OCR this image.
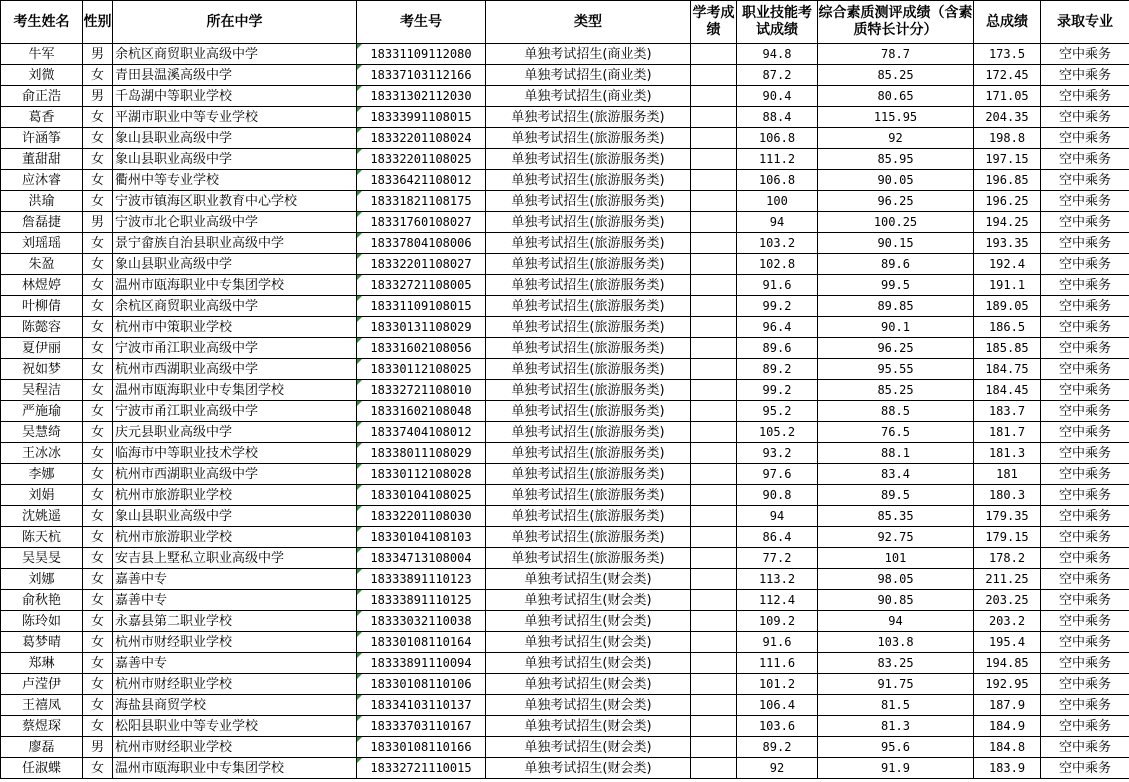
考生姓名	性别	所在中学	考生号	类型	学考成绩	职业技能考试成绩	综合素质测评成绩（含素质特长计分）	总成绩	录取专业
牛军	男	余杭区商贸职业高级中学	18331109112080	单独考试招生(商业类)		94.8	78.7	173.5	空中乘务
刘微	女	青田县温溪高级中学	18337103112166	单独考试招生(商业类)		87.2	85.25	172.45	空中乘务
俞正浩	男	千岛湖中等职业学校	18331302112030	单独考试招生(商业类)		90.4	80.65	171.05	空中乘务
葛香	女	平湖市职业中等专业学校	18333991108015	单独考试招生(旅游服务类)		88.4	115.95	204.35	空中乘务
许涵筝	女	象山县职业高级中学	18332201108024	单独考试招生(旅游服务类)		106.8	92	198.8	空中乘务
董甜甜	女	象山县职业高级中学	18332201108025	单独考试招生(旅游服务类)		111.2	85.95	197.15	空中乘务
应沐睿	女	衢州中等专业学校	18336421108012	单独考试招生(旅游服务类)		106.8	90.05	196.85	空中乘务
洪瑜	女	宁波市镇海区职业教育中心学校	18331821108175	单独考试招生(旅游服务类)		100	96.25	196.25	空中乘务
詹磊捷	男	宁波市北仑职业高级中学	18331760108027	单独考试招生(旅游服务类)		94	100.25	194.25	空中乘务
刘瑶瑶	女	景宁畲族自治县职业高级中学	18337804108006	单独考试招生(旅游服务类)		103.2	90.15	193.35	空中乘务
朱盈	女	象山县职业高级中学	18332201108027	单独考试招生(旅游服务类)		102.8	89.6	192.4	空中乘务
林煜婷	女	温州市瓯海职业中专集团学校	18332721108005	单独考试招生(旅游服务类)		91.6	99.5	191.1	空中乘务
叶柳倩	女	余杭区商贸职业高级中学	18331109108015	单独考试招生(旅游服务类)		99.2	89.85	189.05	空中乘务
陈懿容	女	杭州市中策职业学校	18330131108029	单独考试招生(旅游服务类)		96.4	90.1	186.5	空中乘务
夏伊丽	女	宁波市甬江职业高级中学	18331602108056	单独考试招生(旅游服务类)		89.6	96.25	185.85	空中乘务
祝如梦	女	杭州市西湖职业高级中学	18330112108025	单独考试招生(旅游服务类)		89.2	95.55	184.75	空中乘务
吴程洁	女	温州市瓯海职业中专集团学校	18332721108010	单独考试招生(旅游服务类)		99.2	85.25	184.45	空中乘务
严施瑜	女	宁波市甬江职业高级中学	18331602108048	单独考试招生(旅游服务类)		95.2	88.5	183.7	空中乘务
吴慧绮	女	庆元县职业高级中学	18337404108012	单独考试招生(旅游服务类)		105.2	76.5	181.7	空中乘务
王冰冰	女	临海市中等职业技术学校	18338011108029	单独考试招生(旅游服务类)		93.2	88.1	181.3	空中乘务
李娜	女	杭州市西湖职业高级中学	18330112108028	单独考试招生(旅游服务类)		97.6	83.4	181	空中乘务
刘娟	女	杭州市旅游职业学校	18330104108025	单独考试招生(旅游服务类)		90.8	89.5	180.3	空中乘务
沈姚遥	女	象山县职业高级中学	18332201108030	单独考试招生(旅游服务类)		94	85.35	179.35	空中乘务
陈天杭	女	杭州市旅游职业学校	18330104108103	单独考试招生(旅游服务类)		86.4	92.75	179.15	空中乘务
吴昊旻	女	安吉县上墅私立职业高级中学	18334713108004	单独考试招生(旅游服务类)		77.2	101	178.2	空中乘务
刘娜	女	嘉善中专	18333891110123	单独考试招生(财会类)		113.2	98.05	211.25	空中乘务
俞秋艳	女	嘉善中专	18333891110125	单独考试招生(财会类)		112.4	90.85	203.25	空中乘务
陈玲如	女	永嘉县第二职业学校	18333032110038	单独考试招生(财会类)		109.2	94	203.2	空中乘务
葛梦晴	女	杭州市财经职业学校	18330108110164	单独考试招生(财会类)		91.6	103.8	195.4	空中乘务
郑琳	女	嘉善中专	18333891110094	单独考试招生(财会类)		111.6	83.25	194.85	空中乘务
卢滢伊	女	杭州市财经职业学校	18330108110106	单独考试招生(财会类)		101.2	91.75	192.95	空中乘务
王禧凤	女	海盐县商贸学校	18334103110137	单独考试招生(财会类)		106.4	81.5	187.9	空中乘务
蔡煜琛	女	松阳县职业中等专业学校	18333703110167	单独考试招生(财会类)		103.6	81.3	184.9	空中乘务
廖磊	男	杭州市财经职业学校	18330108110166	单独考试招生(财会类)		89.2	95.6	184.8	空中乘务
任淑蝶	女	温州市瓯海职业中专集团学校	18332721110015	单独考试招生(财会类)		92	91.9	183.9	空中乘务
